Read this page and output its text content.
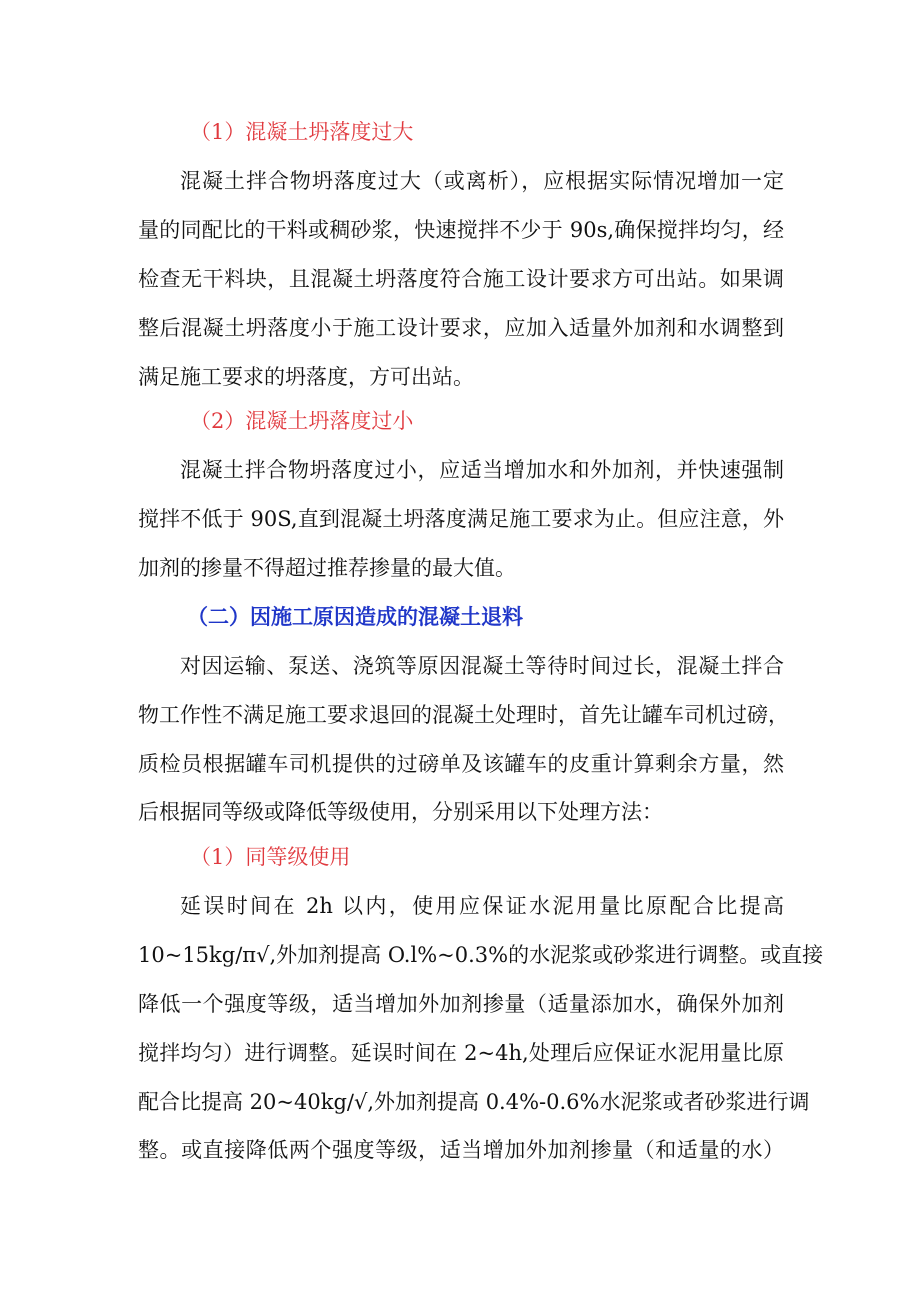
（1）混凝土坍落度过大
混凝土拌合物坍落度过大（或离析），应根据实际情况增加一定
量的同配比的干料或稠砂浆，快速搅拌不少于 90s,确保搅拌均匀，经
检查无干料块，且混凝土坍落度符合施工设计要求方可出站。如果调
整后混凝土坍落度小于施工设计要求，应加入适量外加剂和水调整到
满足施工要求的坍落度，方可出站。
（2）混凝土坍落度过小
混凝土拌合物坍落度过小，应适当增加水和外加剂，并快速强制
搅拌不低于 90S,直到混凝土坍落度满足施工要求为止。但应注意，外
加剂的掺量不得超过推荐掺量的最大值。
（二）因施工原因造成的混凝土退料
对因运输、泵送、浇筑等原因混凝土等待时间过长，混凝土拌合
物工作性不满足施工要求退回的混凝土处理时，首先让罐车司机过磅，
质检员根据罐车司机提供的过磅单及该罐车的皮重计算剩余方量，然
后根据同等级或降低等级使用，分别采用以下处理方法：
（1）同等级使用
延误时间在 2h 以内，使用应保证水泥用量比原配合比提高
10~15kg∕π√,外加剂提高 O.l%~0.3%的水泥浆或砂浆进行调整。或直接
降低一个强度等级，适当增加外加剂掺量（适量添加水，确保外加剂
搅拌均匀）进行调整。延误时间在 2~4h,处理后应保证水泥用量比原
配合比提高 20~40kg∕√,外加剂提高 0.4%-0.6%水泥浆或者砂浆进行调
整。或直接降低两个强度等级，适当增加外加剂掺量（和适量的水）
